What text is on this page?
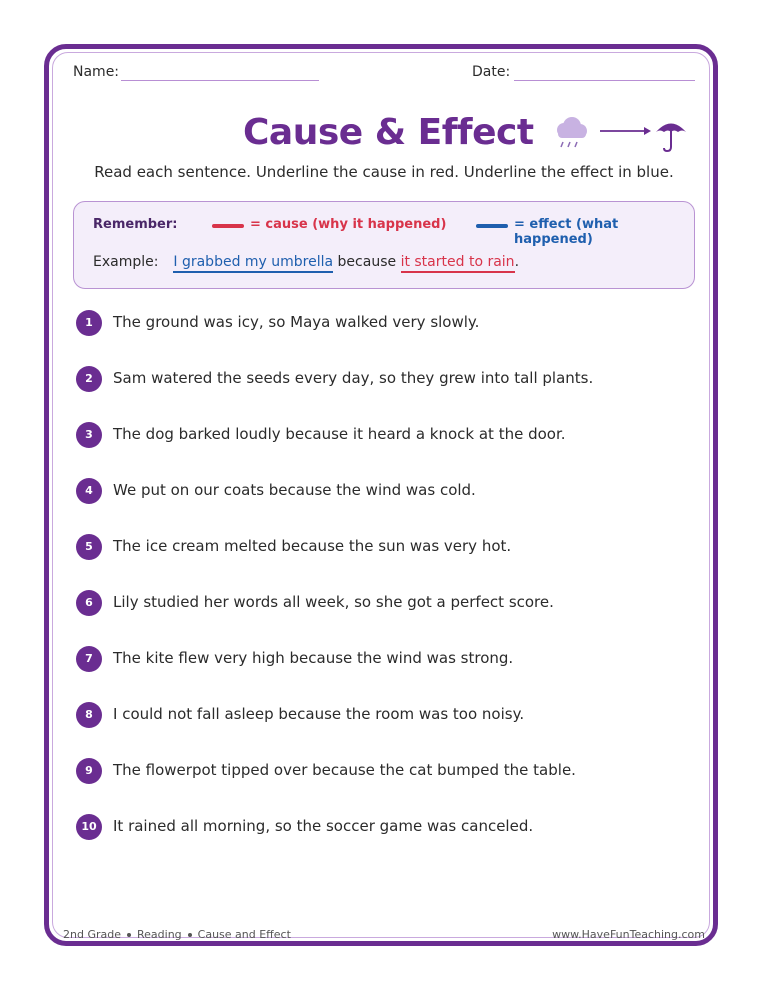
Name:	Date:
Cause & Effect
Read each sentence. Underline the cause in red. Underline the effect in blue.
Remember:	= cause (why it happened)	= effect (what happened)
Example: I grabbed my umbrella because it started to rain.
1	The ground was icy, so Maya walked very slowly.
2	Sam watered the seeds every day, so they grew into tall plants.
3	The dog barked loudly because it heard a knock at the door.
4	We put on our coats because the wind was cold.
5	The ice cream melted because the sun was very hot.
6	Lily studied her words all week, so she got a perfect score.
7	The kite flew very high because the wind was strong.
8	I could not fall asleep because the room was too noisy.
9	The flowerpot tipped over because the cat bumped the table.
10	It rained all morning, so the soccer game was canceled.
2nd Grade Reading Cause and Effect	www.HaveFunTeaching.com
